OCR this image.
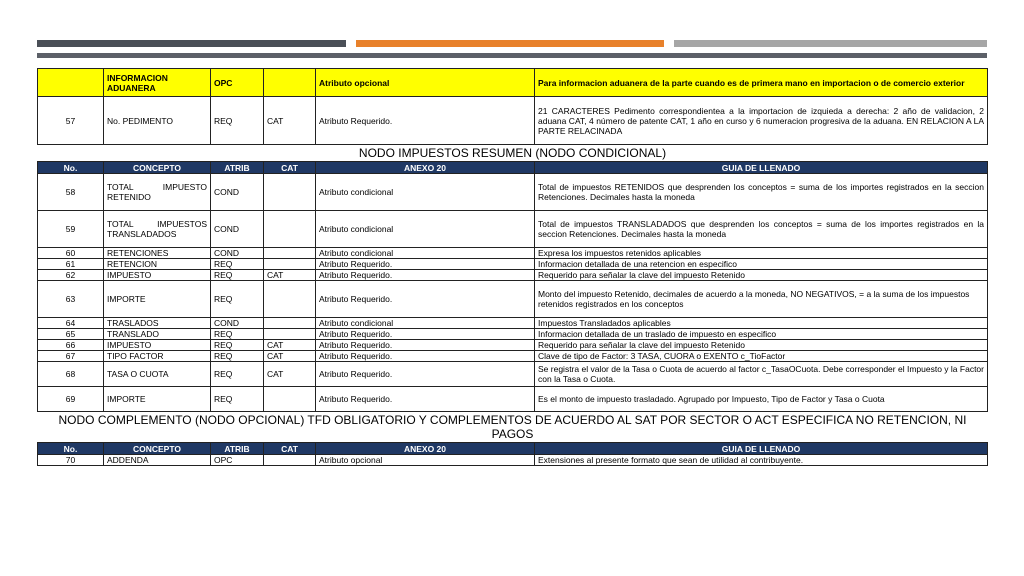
	INFORMACION ADUANERA	OPC		Atributo opcional	Para informacion aduanera de la parte cuando es de primera mano en importacion o de comercio exterior
57	No. PEDIMENTO	REQ	CAT	Atributo Requerido.	21 CARACTERES Pedimento correspondientea a la importacion de izquieda a derecha: 2 año de validacion, 2 aduana CAT, 4 número de patente CAT, 1 año en curso y 6 numeracion progresiva de la aduana. EN RELACION A LA PARTE RELACINADA
NODO IMPUESTOS RESUMEN (NODO CONDICIONAL)					
No.	CONCEPTO	ATRIB	CAT	ANEXO 20	GUIA DE LLENADO
58	TOTAL IMPUESTO RETENIDO	COND		Atributo condicional	Total de impuestos RETENIDOS que desprenden los conceptos = suma de los importes registrados en la seccion Retenciones. Decimales hasta la moneda
59	TOTAL IMPUESTOS TRANSLADADOS	COND		Atributo condicional	Total de impuestos TRANSLADADOS que desprenden los conceptos = suma de los importes registrados en la seccion Retenciones. Decimales hasta la moneda
60	RETENCIONES	COND		Atributo condicional	Expresa los impuestos retenidos aplicables
61	RETENCION	REQ		Atributo Requerido.	Informacion detallada de una retencion en especifico
62	IMPUESTO	REQ	CAT	Atributo Requerido.	Requerido para señalar la clave del impuesto Retenido
63	IMPORTE	REQ		Atributo Requerido.	Monto del impuesto Retenido, decimales de acuerdo a la moneda, NO NEGATIVOS, = a la suma de los impuestos retenidos registrados en los conceptos
64	TRASLADOS	COND		Atributo condicional	Impuestos Transladados aplicables
65	TRANSLADO	REQ		Atributo Requerido.	Informacion detallada de un traslado de impuesto en especifico
66	IMPUESTO	REQ	CAT	Atributo Requerido.	Requerido para señalar la clave del impuesto Retenido
67	TIPO FACTOR	REQ	CAT	Atributo Requerido.	Clave de tipo de Factor: 3 TASA, CUORA o EXENTO c_TioFactor
68	TASA O CUOTA	REQ	CAT	Atributo Requerido.	Se registra el valor de la Tasa o Cuota de acuerdo al factor c_TasaOCuota. Debe corresponder el Impuesto y la Factor con la Tasa o Cuota.
69	IMPORTE	REQ		Atributo Requerido.	Es el monto de impuesto trasladado. Agrupado por Impuesto, Tipo de Factor y Tasa o Cuota
NODO COMPLEMENTO (NODO OPCIONAL) TFD OBLIGATORIO Y COMPLEMENTOS DE ACUERDO AL SAT POR SECTOR O ACT ESPECIFICA NO RETENCION, NI PAGOS					
No.	CONCEPTO	ATRIB	CAT	ANEXO 20	GUIA DE LLENADO
70	ADDENDA	OPC		Atributo opcional	Extensiones al presente formato que sean de utilidad al contribuyente.
